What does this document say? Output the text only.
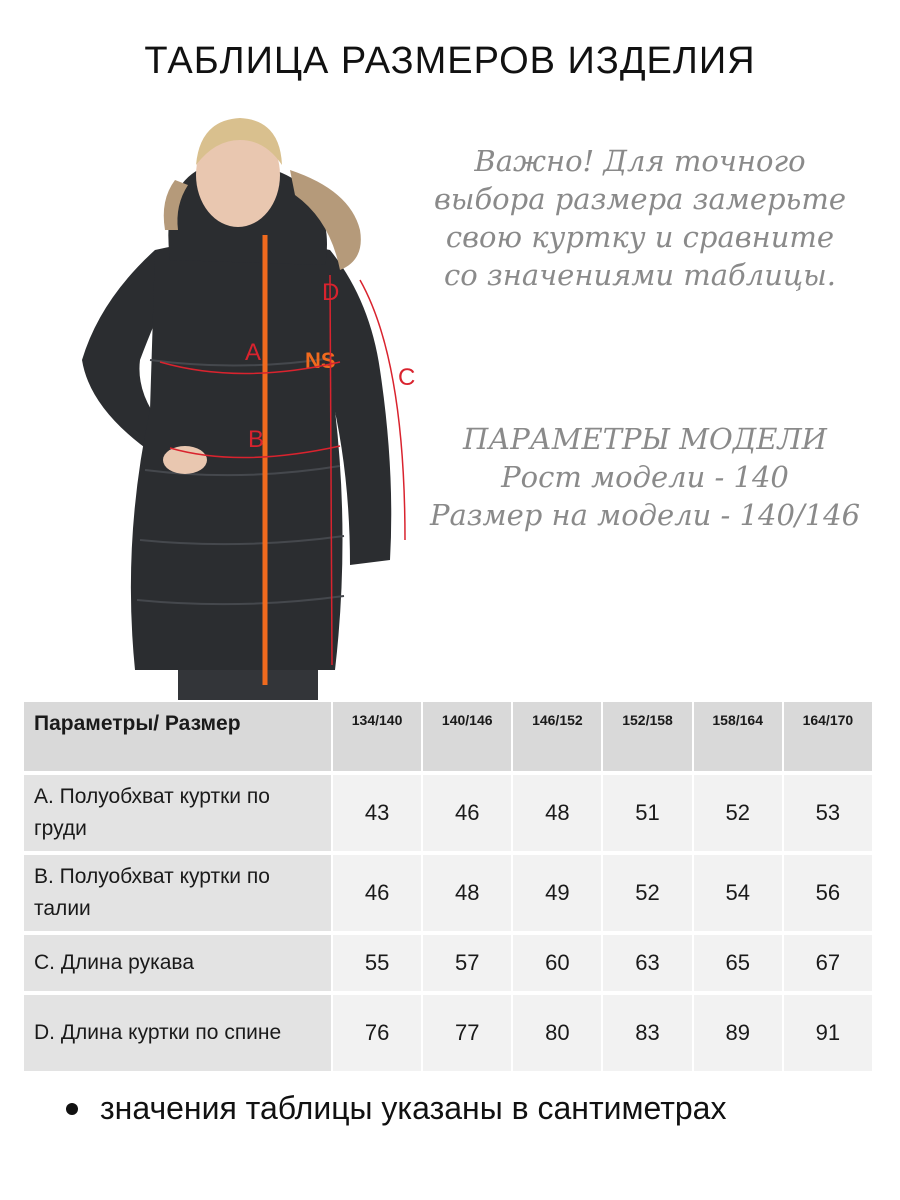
ТАБЛИЦА РАЗМЕРОВ ИЗДЕЛИЯ
NS
A
B
C
D
Важно! Для точного
выбора размера замерьте
свою куртку и сравните
со значениями таблицы.
ПАРАМЕТРЫ МОДЕЛИ
Рост модели - 140
Размер на модели - 140/146
Параметры/ Размер	134/140	140/146	146/152	152/158	158/164	164/170
A. Полуобхват куртки по груди	43	46	48	51	52	53
B. Полуобхват куртки по талии	46	48	49	52	54	56
C. Длина рукава	55	57	60	63	65	67
D. Длина куртки по спине	76	77	80	83	89	91
значения таблицы указаны в сантиметрах
